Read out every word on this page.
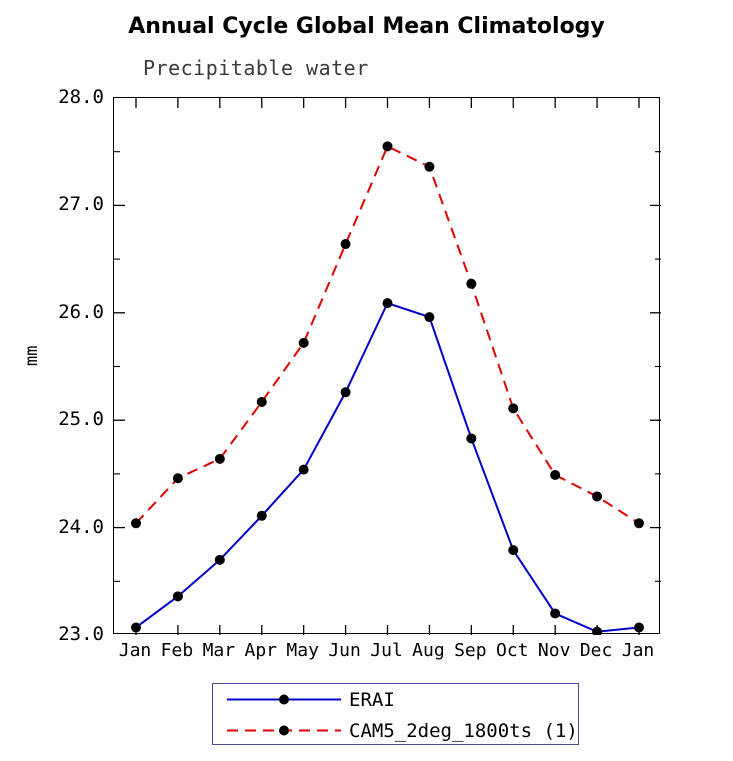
Annual Cycle Global Mean Climatology
Precipitable water
mm
23.0
24.0
25.0
26.0
27.0
28.0
Jan Feb Mar Apr May Jun Jul Aug Sep Oct Nov Dec Jan
ERAI
CAM5_2deg_1800ts (1)
